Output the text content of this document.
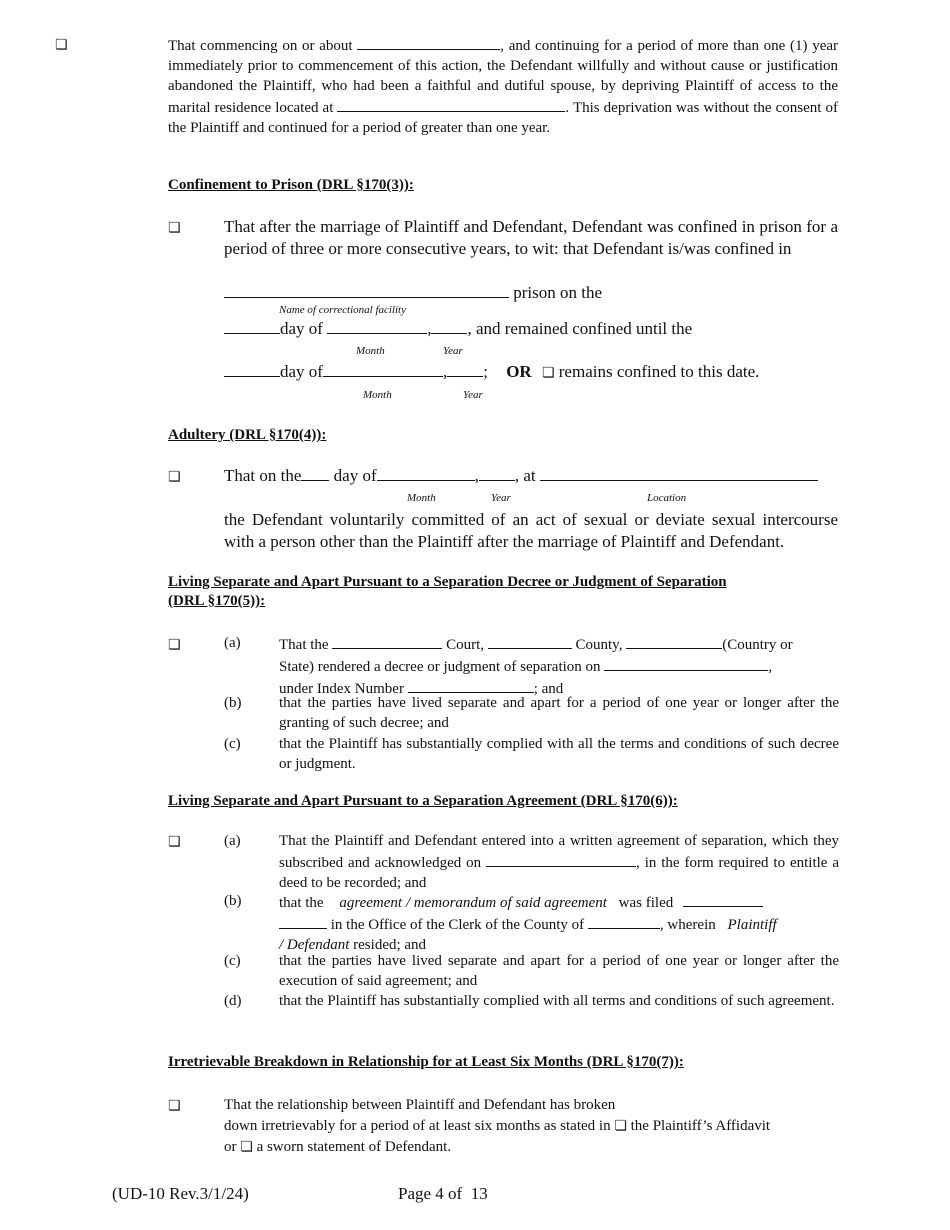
❏	That commencing on or about	, and continuing for a period of more than one (1) year immediately prior to commencement of this action, the Defendant willfully and without cause or justification abandoned the Plaintiff, who had been a faithful and dutiful spouse, by depriving Plaintiff of access to the marital residence located at	. This deprivation was without the consent of the Plaintiff and continued for a period of greater than one year.
Confinement to Prison (DRL §170(3)):
❏	That after the marriage of Plaintiff and Defendant, Defendant was confined in prison for a period of three or more consecutive years, to wit: that Defendant is/was confined in
prison on the
Name of correctional facility
day of	, , and remained confined until the
Month	Year
day of	, ; OR ❏ remains confined to this date.
Month	Year
Adultery (DRL §170(4)):
❏	That on the day of	, , at
Month	Year	Location
the Defendant voluntarily committed of an act of sexual or deviate sexual intercourse with a person other than the Plaintiff after the marriage of Plaintiff and Defendant.
Living Separate and Apart Pursuant to a Separation Decree or Judgment of Separation
(DRL §170(5)):
❏	(a)	That the	Court,	County,	(Country or
State) rendered a decree or judgment of separation on	,
under Index Number	; and
(b)	that the parties have lived separate and apart for a period of one year or longer after the granting of such decree; and
(c)	that the Plaintiff has substantially complied with all the terms and conditions of such decree or judgment.
Living Separate and Apart Pursuant to a Separation Agreement (DRL §170(6)):
❏	(a)	That the Plaintiff and Defendant entered into a written agreement of separation, which they subscribed and acknowledged on	, in the form required to entitle a deed to be recorded; and
(b)	that the agreement / memorandum of said agreement was filed
in the Office of the Clerk of the County of	, wherein Plaintiff
/ Defendant resided; and
(c)	that the parties have lived separate and apart for a period of one year or longer after the execution of said agreement; and
(d)	that the Plaintiff has substantially complied with all terms and conditions of such agreement.
Irretrievable Breakdown in Relationship for at Least Six Months (DRL §170(7)):
❏	That the relationship between Plaintiff and Defendant has broken
down irretrievably for a period of at least six months as stated in ❏ the Plaintiff’s Affidavit
or ❏ a sworn statement of Defendant.
(UD-10 Rev.3/1/24)	Page 4 of  13
